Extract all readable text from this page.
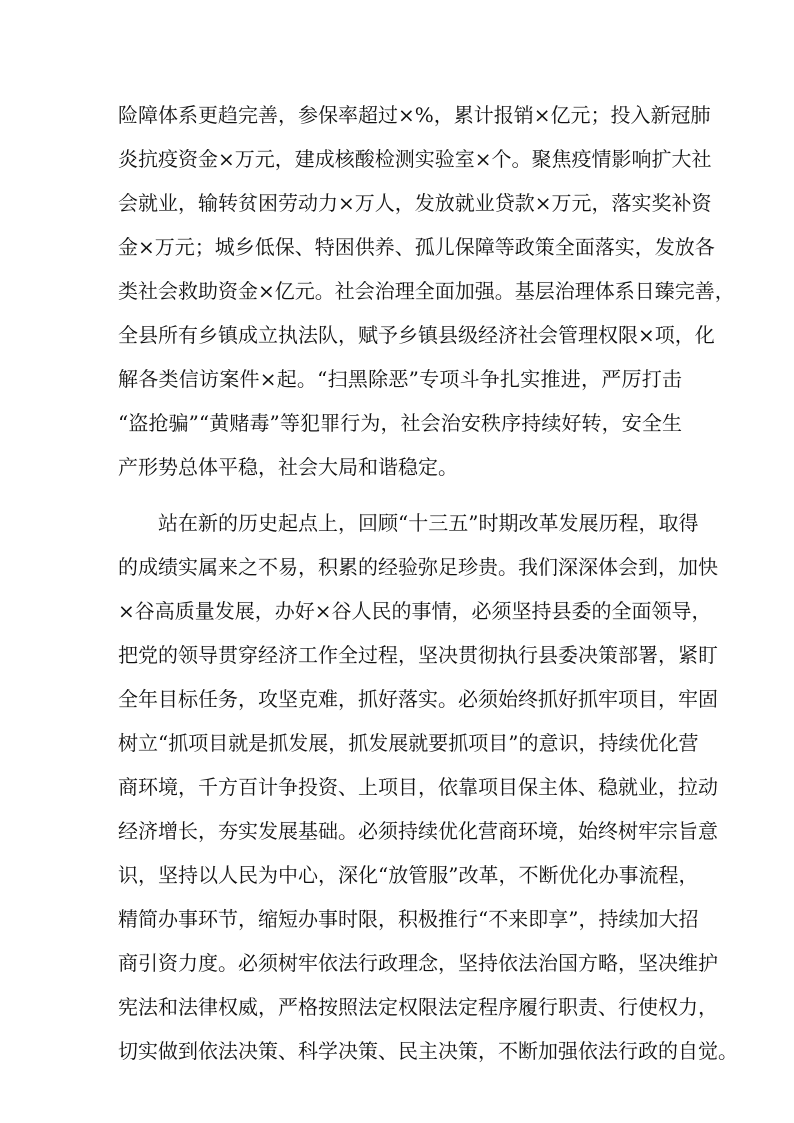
险障体系更趋完善，参保率超过×%，累计报销×亿元；投入新冠肺
炎抗疫资金×万元，建成核酸检测实验室×个。聚焦疫情影响扩大社
会就业，输转贫困劳动力×万人，发放就业贷款×万元，落实奖补资
金×万元；城乡低保、特困供养、孤儿保障等政策全面落实，发放各
类社会救助资金×亿元。社会治理全面加强。基层治理体系日臻完善，
全县所有乡镇成立执法队，赋予乡镇县级经济社会管理权限×项，化
解各类信访案件×起。“扫黑除恶”专项斗争扎实推进，严厉打击
“盗抢骗”“黄赌毒”等犯罪行为，社会治安秩序持续好转，安全生
产形势总体平稳，社会大局和谐稳定。
站在新的历史起点上，回顾“十三五”时期改革发展历程，取得
的成绩实属来之不易，积累的经验弥足珍贵。我们深深体会到，加快
×谷高质量发展，办好×谷人民的事情，必须坚持县委的全面领导，
把党的领导贯穿经济工作全过程，坚决贯彻执行县委决策部署，紧盯
全年目标任务，攻坚克难，抓好落实。必须始终抓好抓牢项目，牢固
树立“抓项目就是抓发展，抓发展就要抓项目”的意识，持续优化营
商环境，千方百计争投资、上项目，依靠项目保主体、稳就业，拉动
经济增长，夯实发展基础。必须持续优化营商环境，始终树牢宗旨意
识，坚持以人民为中心，深化“放管服”改革，不断优化办事流程，
精简办事环节，缩短办事时限，积极推行“不来即享”，持续加大招
商引资力度。必须树牢依法行政理念，坚持依法治国方略，坚决维护
宪法和法律权威，严格按照法定权限法定程序履行职责、行使权力，
切实做到依法决策、科学决策、民主决策，不断加强依法行政的自觉。
